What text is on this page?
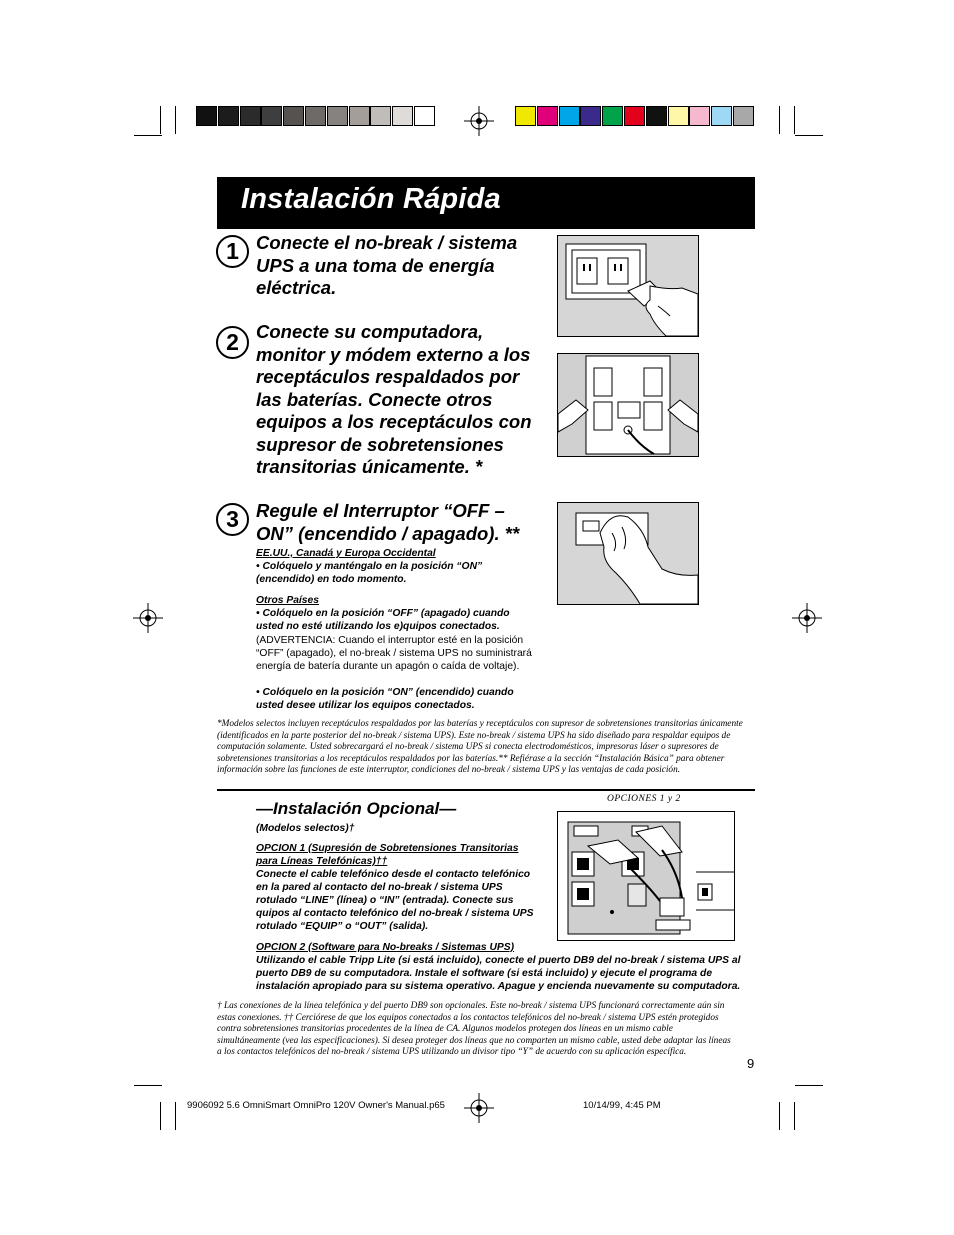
Instalación Rápida
1 Conecte el no-break / sistema UPS a una toma de energía eléctrica.
2 Conecte su computadora, monitor y módem externo a los receptáculos respaldados por las baterías. Conecte otros equipos a los receptáculos con supresor de sobretensiones transitorias únicamente. *
3 Regule el Interruptor “OFF – ON” (encendido / apagado). **
EE.UU., Canadá y Europa Occidental
• Colóquelo y manténgalo en la posición “ON” (encendido) en todo momento.
Otros Países
• Colóquelo en la posición “OFF” (apagado) cuando usted no esté utilizando los e)quipos conectados.
(ADVERTENCIA: Cuando el interruptor esté en la posición “OFF” (apagado), el no-break / sistema UPS no suministrará energía de batería durante un apagón o caída de voltaje).
• Colóquelo en la posición “ON” (encendido) cuando usted desee utilizar los equipos conectados.
*Modelos selectos incluyen receptáculos respaldados por las baterías y receptáculos con supresor de sobretensiones transitorias únicamente (identificados en la parte posterior del no-break / sistema UPS). Este no-break / sistema UPS ha sido diseñado para respaldar equipos de computación solamente. Usted sobrecargará el no-break / sistema UPS si conecta electrodomésticos, impresoras láser o supresores de sobretensiones transitorias a los receptáculos respaldados por las baterías.** Refiérase a la sección “Instalación Básica” para obtener información sobre las funciones de este interruptor, condiciones del no-break / sistema UPS y las ventajas de cada posición.
—Instalación Opcional—
(Modelos selectos)†
OPCION 1 (Supresión de Sobretensiones Transitorias para Líneas Telefónicas)††
Conecte el cable telefónico desde el contacto telefónico en la pared al contacto del no-break / sistema UPS rotulado “LINE” (línea) o “IN” (entrada). Conecte sus quipos al contacto telefónico del no-break / sistema UPS rotulado “EQUIP” o “OUT” (salida).
OPCION 2 (Software para No-breaks / Sistemas UPS)
Utilizando el cable Tripp Lite (si está incluido), conecte el puerto DB9 del no-break / sistema UPS al puerto DB9 de su computadora. Instale el software (si está incluido) y ejecute el programa de instalación apropiado para su sistema operativo. Apague y encienda nuevamente su computadora.
OPCIONES 1 y 2
† Las conexiones de la línea telefónica y del puerto DB9 son opcionales. Este no-break / sistema UPS funcionará correctamente aún sin estas conexiones. †† Cerciórese de que los equipos conectados a los contactos telefónicos del no-break / sistema UPS estén protegidos contra sobretensiones transitorias procedentes de la línea de CA. Algunos modelos protegen dos líneas en un mismo cable simultáneamente (vea las especificaciones). Si desea proteger dos líneas que no comparten un mismo cable, usted debe adaptar las líneas a los contactos telefónicos del no-break / sistema UPS utilizando un divisor tipo “Y” de acuerdo con su aplicación específica.
9
9906092 5.6 OmniSmart OmniPro 120V Owner's Manual.p65	10/14/99, 4:45 PM
